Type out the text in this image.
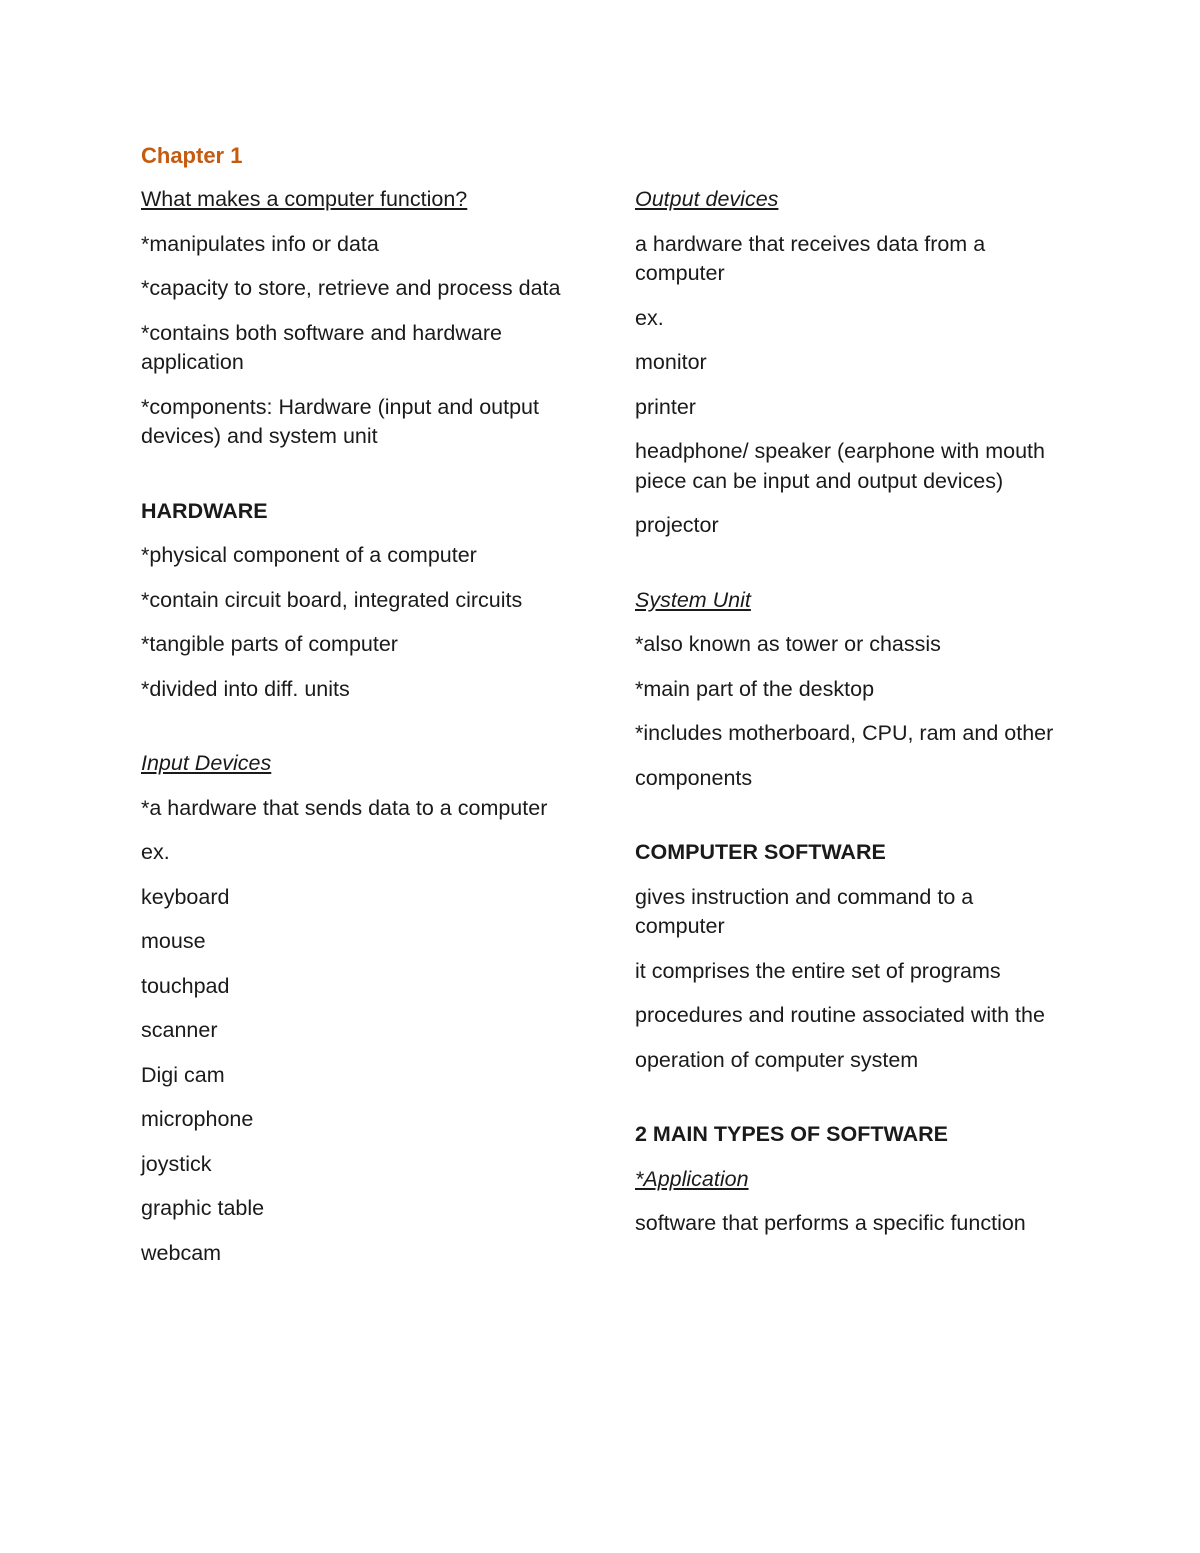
Chapter 1

What makes a computer function?

*manipulates info or data

*capacity to store, retrieve and process data

*contains both software and hardware application

*components: Hardware (input and output devices) and system unit

HARDWARE

*physical component of a computer

*contain circuit board, integrated circuits

*tangible parts of computer

*divided into diff. units

Input Devices

*a hardware that sends data to a computer

ex.

keyboard

mouse

touchpad

scanner

Digi cam

microphone

joystick

graphic table

webcam

Output devices

a hardware that receives data from a computer

ex.

monitor

printer

headphone/ speaker (earphone with mouth piece can be input and output devices)

projector

System Unit

*also known as tower or chassis

*main part of the desktop

*includes motherboard, CPU, ram and other

components

COMPUTER SOFTWARE

gives instruction and command to a computer

it comprises the entire set of programs

procedures and routine associated with the

operation of computer system

2 MAIN TYPES OF SOFTWARE

*Application

software that performs a specific function
